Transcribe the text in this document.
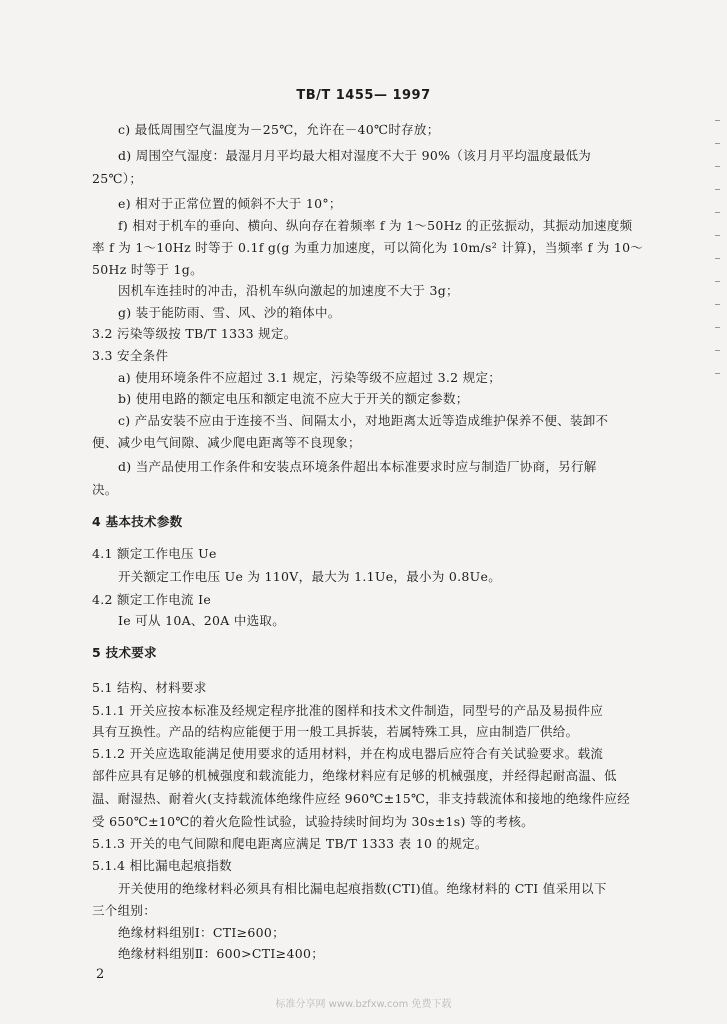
TB/T 1455— 1997
c) 最低周围空气温度为－25℃，允许在－40℃时存放；
d) 周围空气湿度：最湿月月平均最大相对湿度不大于 90%（该月月平均温度最低为
25℃）；
e) 相对于正常位置的倾斜不大于 10°；
f) 相对于机车的垂向、横向、纵向存在着频率 f 为 1～50Hz 的正弦振动，其振动加速度频
率 f 为 1～10Hz 时等于 0.1f g(g 为重力加速度，可以简化为 10m/s² 计算)，当频率 f 为 10～
50Hz 时等于 1g。
因机车连挂时的冲击，沿机车纵向激起的加速度不大于 3g；
g) 装于能防雨、雪、风、沙的箱体中。
3.2 污染等级按 TB/T 1333 规定。
3.3 安全条件
a) 使用环境条件不应超过 3.1 规定，污染等级不应超过 3.2 规定；
b) 使用电路的额定电压和额定电流不应大于开关的额定参数；
c) 产品安装不应由于连接不当、间隔太小，对地距离太近等造成维护保养不便、装卸不
便、减少电气间隙、减少爬电距离等不良现象；
d) 当产品使用工作条件和安装点环境条件超出本标准要求时应与制造厂协商，另行解
决。
4 基本技术参数
4.1 额定工作电压 Ue
开关额定工作电压 Ue 为 110V，最大为 1.1Ue，最小为 0.8Ue。
4.2 额定工作电流 Ie
Ie 可从 10A、20A 中选取。
5 技术要求
5.1 结构、材料要求
5.1.1 开关应按本标准及经规定程序批准的图样和技术文件制造，同型号的产品及易损件应
具有互换性。产品的结构应能便于用一般工具拆装，若属特殊工具，应由制造厂供给。
5.1.2 开关应选取能满足使用要求的适用材料，并在构成电器后应符合有关试验要求。载流
部件应具有足够的机械强度和载流能力，绝缘材料应有足够的机械强度，并经得起耐高温、低
温、耐湿热、耐着火(支持载流体绝缘件应经 960℃±15℃，非支持载流体和接地的绝缘件应经
受 650℃±10℃的着火危险性试验，试验持续时间均为 30s±1s) 等的考核。
5.1.3 开关的电气间隙和爬电距离应满足 TB/T 1333 表 10 的规定。
5.1.4 相比漏电起痕指数
开关使用的绝缘材料必须具有相比漏电起痕指数(CTI)值。绝缘材料的 CTI 值采用以下
三个组别：
绝缘材料组别Ⅰ：CTI≥600；
绝缘材料组别Ⅱ：600>CTI≥400；
2
标准分享网 www.bzfxw.com 免费下载
